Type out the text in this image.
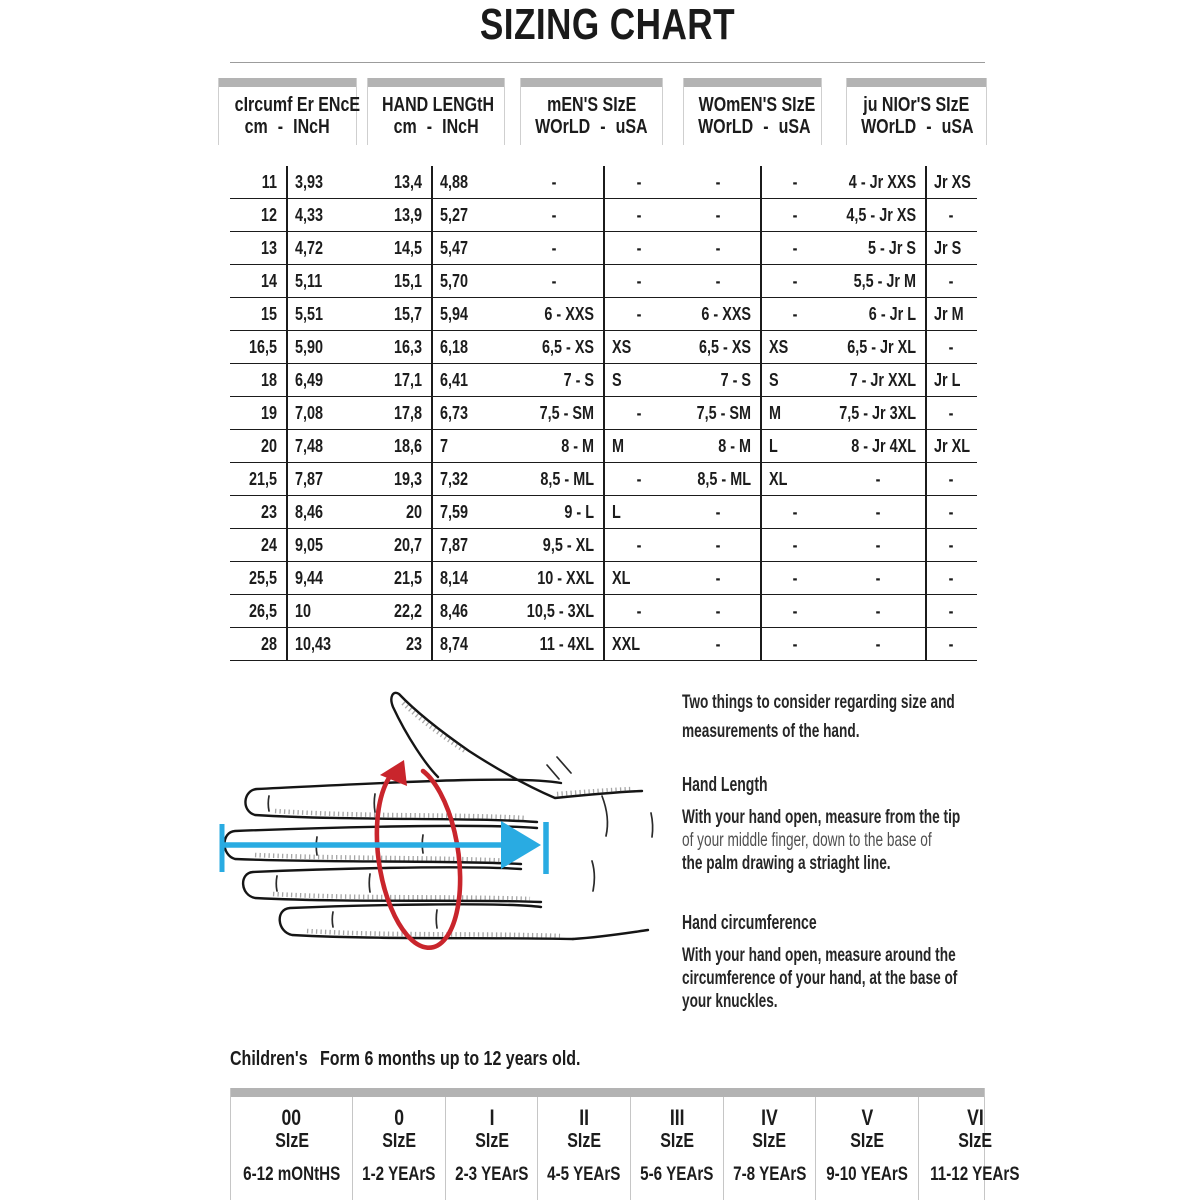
SIZING CHART
cIrcumf Er ENcE
cm - INcH
HAND LENGtH
cm - INcH
mEN'S SIzE
WOrLD - uSA
WOmEN'S SIzE
WOrLD - uSA
ju NIOr'S SIzE
WOrLD - uSA
11 3,93	13,4 4,88	-	-	-	-	4 - Jr XXS Jr XS
12 4,33	13,9 5,27	-	-	-	-	4,5 - Jr XS -
13 4,72	14,5 5,47	-	-	-	-	5 - Jr S Jr S
14 5,11	15,1 5,70	-	-	-	-	5,5 - Jr M -
15 5,51	15,7 5,94	6 - XXS -	6 - XXS -	6 - Jr L Jr M
16,5 5,90	16,3 6,18	6,5 - XS XS	6,5 - XS XS	6,5 - Jr XL -
18 6,49	17,1 6,41	7 - S S	7 - S S	7 - Jr XXL Jr L
19 7,08	17,8 6,73	7,5 - SM -	7,5 - SM M	7,5 - Jr 3XL -
20 7,48	18,6 7	8 - M M	8 - M L	8 - Jr 4XL Jr XL
21,5 7,87	19,3 7,32	8,5 - ML -	8,5 - ML XL	-	-
23 8,46	20 7,59	9 - L L	-	-	-	-
24 9,05	20,7 7,87	9,5 - XL -	-	-	-	-
25,5 9,44	21,5 8,14	10 - XXL XL	-	-	-	-
26,5 10	22,2 8,46	10,5 - 3XL -	-	-	-	-
28 10,43	23 8,74	11 - 4XL XXL	-	-	-	-
Two things to consider regarding size and
measurements of the hand.
Hand Length
With your hand open, measure from the tip
of your middle finger, down to the base of
the palm drawing a striaght line.
Hand circumference
With your hand open, measure around the
circumference of your hand, at the base of
your knuckles.
Children's Form 6 months up to 12 years old.
00
SIzE
6-12 mONtHS
0
SIzE
1-2 YEArS
I
SIzE
2-3 YEArS
II
SIzE
4-5 YEArS
III
SIzE
5-6 YEArS
IV
SIzE
7-8 YEArS
V
SIzE
9-10 YEArS
VI
SIzE
11-12 YEArS
